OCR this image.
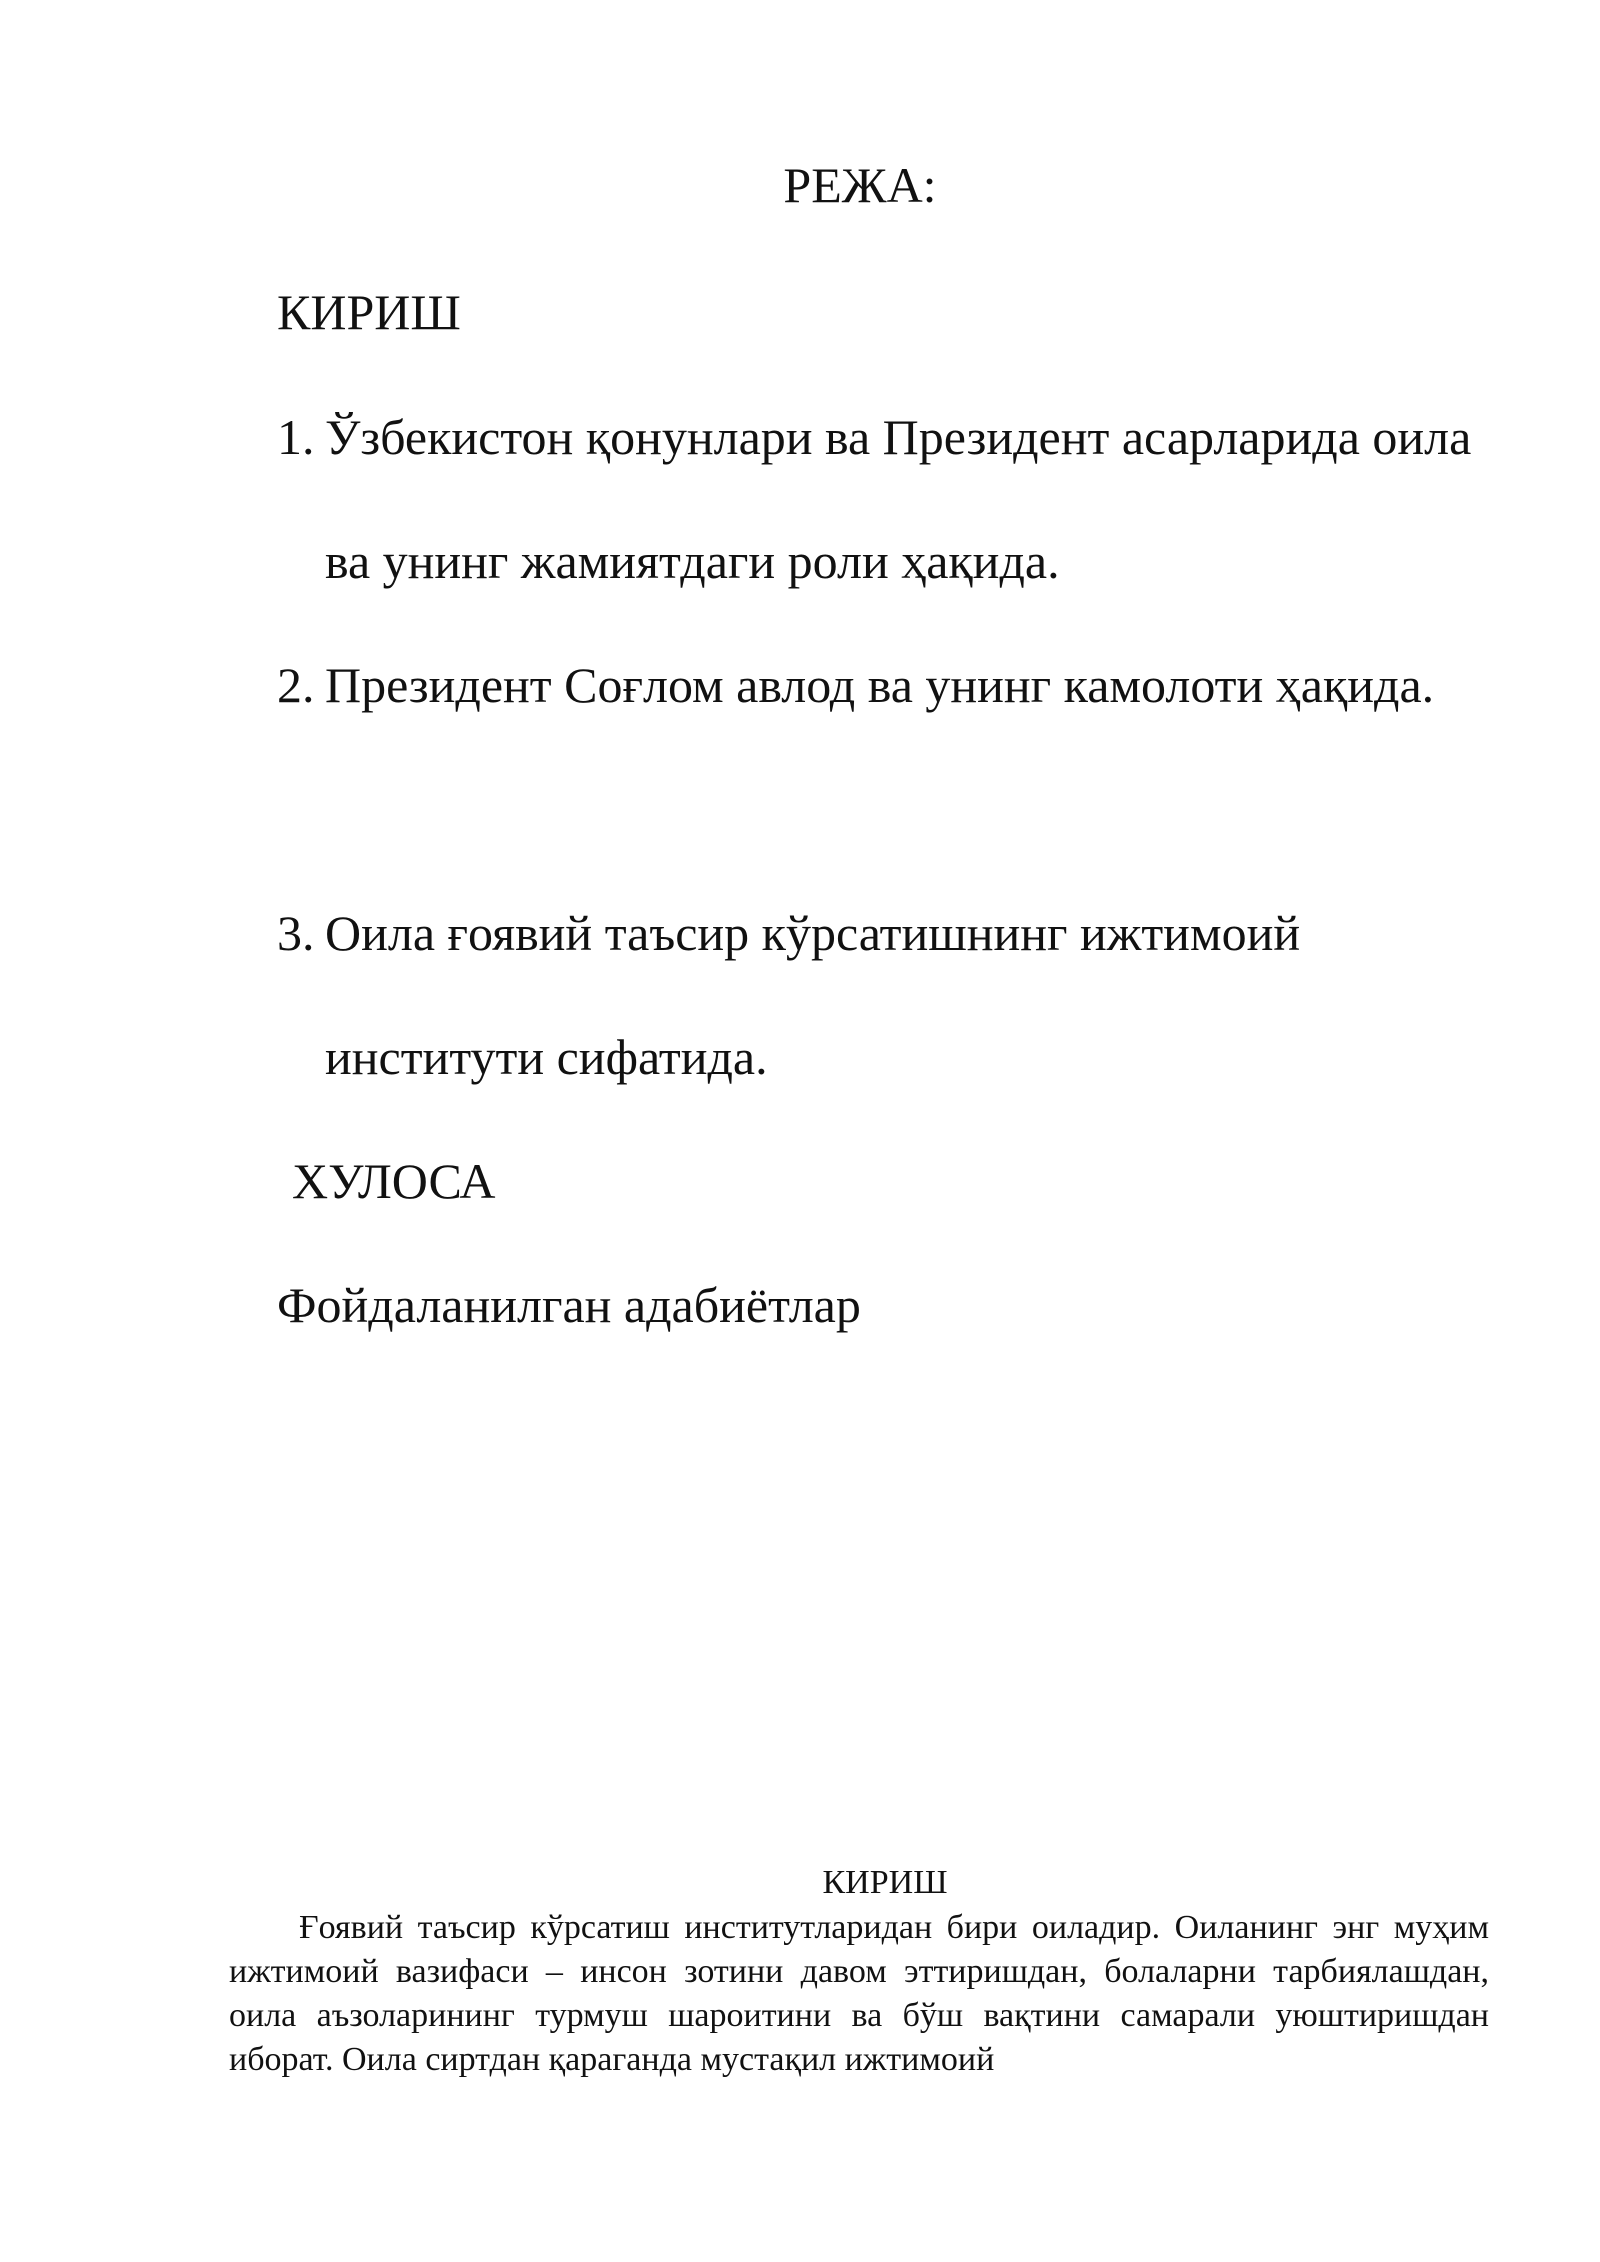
РЕЖА:
КИРИШ
1. Ўзбекистон қонунлари ва Президент асарларида оила ва унинг жамиятдаги роли ҳақида.
2. Президент Соғлом авлод ва унинг камолоти ҳақида.
3. Оила ғоявий таъсир кўрсатишнинг ижтимоий институти сифатида.
ХУЛОСА
Фойдаланилган адабиётлар
КИРИШ
Ғоявий таъсир кўрсатиш институтларидан бири оиладир. Оиланинг энг муҳим ижтимоий вазифаси – инсон зотини давом эттиришдан, болаларни тарбиялашдан, оила аъзоларининг турмуш шароитини ва бўш вақтини самарали уюштиришдан иборат. Оила сиртдан қараганда мустақил ижтимоий
